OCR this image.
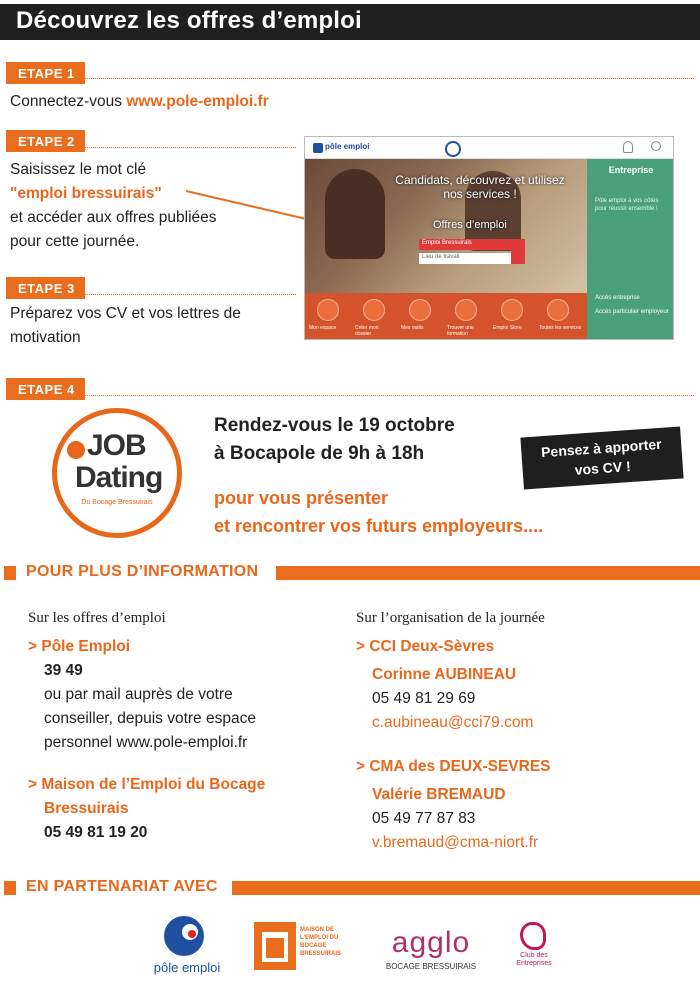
Découvrez les offres d’emploi
ETAPE 1
Connectez-vous www.pole-emploi.fr
ETAPE 2
Saisissez le mot clé
"emploi bressuirais"
et accéder aux offres publiées
pour cette journée.
ETAPE 3
Préparez vos CV et vos lettres de
motivation
pôle emploi
Candidats, découvrez et utilisez
nos services !
Offres d’emploi
Emploi Bressuirais
Lieu de travail
Entreprise
Pôle emploi à vos côtés pour réussir ensemble !
Accès entreprise
Accès particulier employeur
Mon espace	Créer mon dossier
Mes outils	Trouver une formation
Emploi Store	Toutes les services
ETAPE 4
JOB
Dating
Du Bocage Bressuirais
Rendez-vous le 19 octobre
à Bocapole de 9h à 18h
pour vous présenter
et rencontrer vos futurs employeurs....
Pensez à apporter
vos CV !
POUR PLUS D’INFORMATION
Sur les offres d’emploi
> Pôle Emploi
39 49
ou par mail auprès de votre
conseiller, depuis votre espace
personnel www.pole-emploi.fr
> Maison de l’Emploi du Bocage
Bressuirais
05 49 81 19 20
Sur l’organisation de la journée
> CCI Deux-Sèvres
Corinne AUBINEAU
05 49 81 29 69
c.aubineau@cci79.com
> CMA des DEUX-SEVRES
Valérie BREMAUD
05 49 77 87 83
v.bremaud@cma-niort.fr
EN PARTENARIAT AVEC
pôle emploi
MAISON DE L’EMPLOI DU BOCAGE BRESSUIRAIS	agglo
BOCAGE BRESSUIRAIS
Club des Entreprises
